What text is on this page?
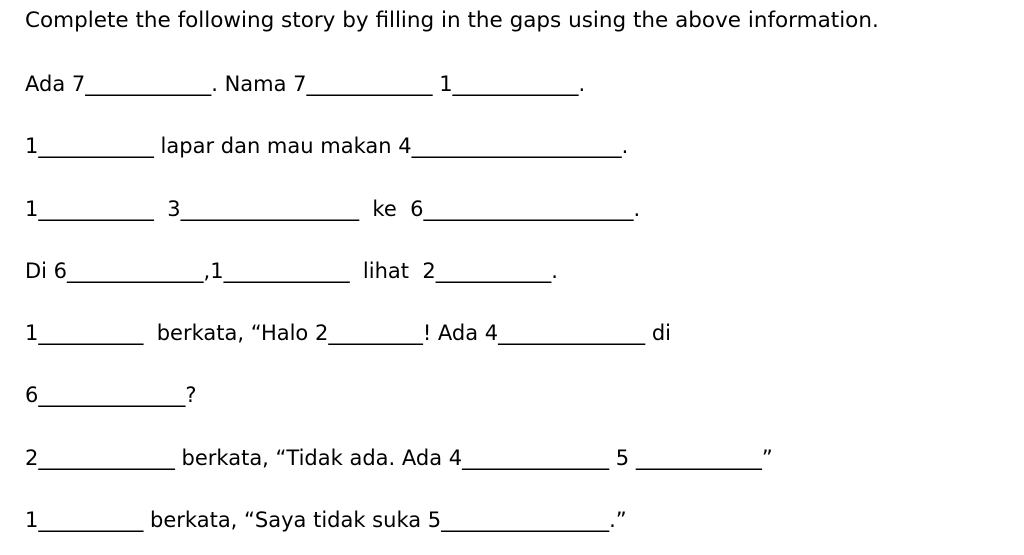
Complete the following story by filling in the gaps using the above information.
Ada 7____________. Nama 7____________ 1____________.
1___________ lapar dan mau makan 4____________________.
1___________  3_________________  ke  6____________________.
Di 6_____________,1____________  lihat  2___________.
1__________  berkata, “Halo 2_________! Ada 4______________ di
6______________?
2_____________ berkata, “Tidak ada. Ada 4______________ 5 ____________”
1__________ berkata, “Saya tidak suka 5________________.”
